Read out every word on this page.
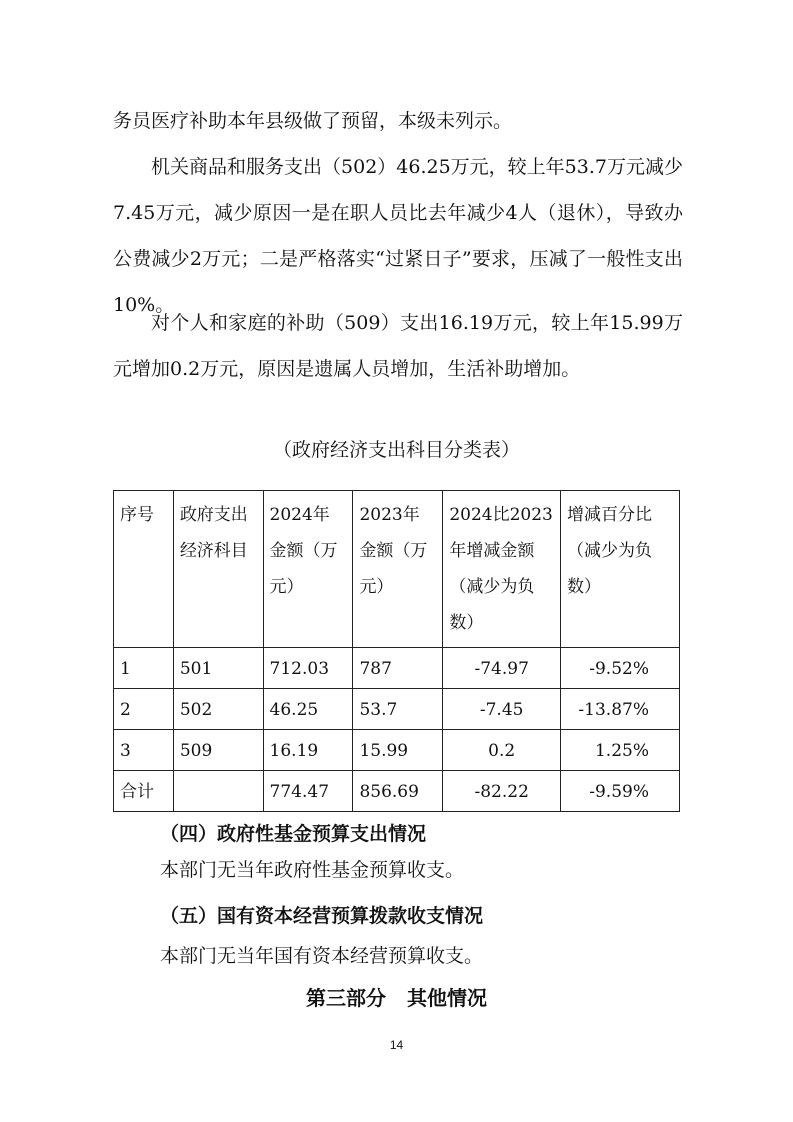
务员医疗补助本年县级做了预留，本级未列示。

机关商品和服务支出（502）46.25万元，较上年53.7万元减少7.45万元，减少原因一是在职人员比去年减少4人（退休），导致办公费减少2万元；二是严格落实“过紧日子”要求，压减了一般性支出10%。

对个人和家庭的补助（509）支出16.19万元，较上年15.99万元增加0.2万元，原因是遗属人员增加，生活补助增加。

（政府经济支出科目分类表）

序号	政府支出经济科目	2024年金额（万元）	2023年金额（万元）	2024比2023年增减金额（减少为负数）	增减百分比（减少为负数）
1	501	712.03	787	-74.97	-9.52%
2	502	46.25	53.7	-7.45	-13.87%
3	509	16.19	15.99	0.2	1.25%
合计		774.47	856.69	-82.22	-9.59%

（四）政府性基金预算支出情况

本部门无当年政府性基金预算收支。

（五）国有资本经营预算拨款收支情况

本部门无当年国有资本经营预算收支。

第三部分 其他情况

14
